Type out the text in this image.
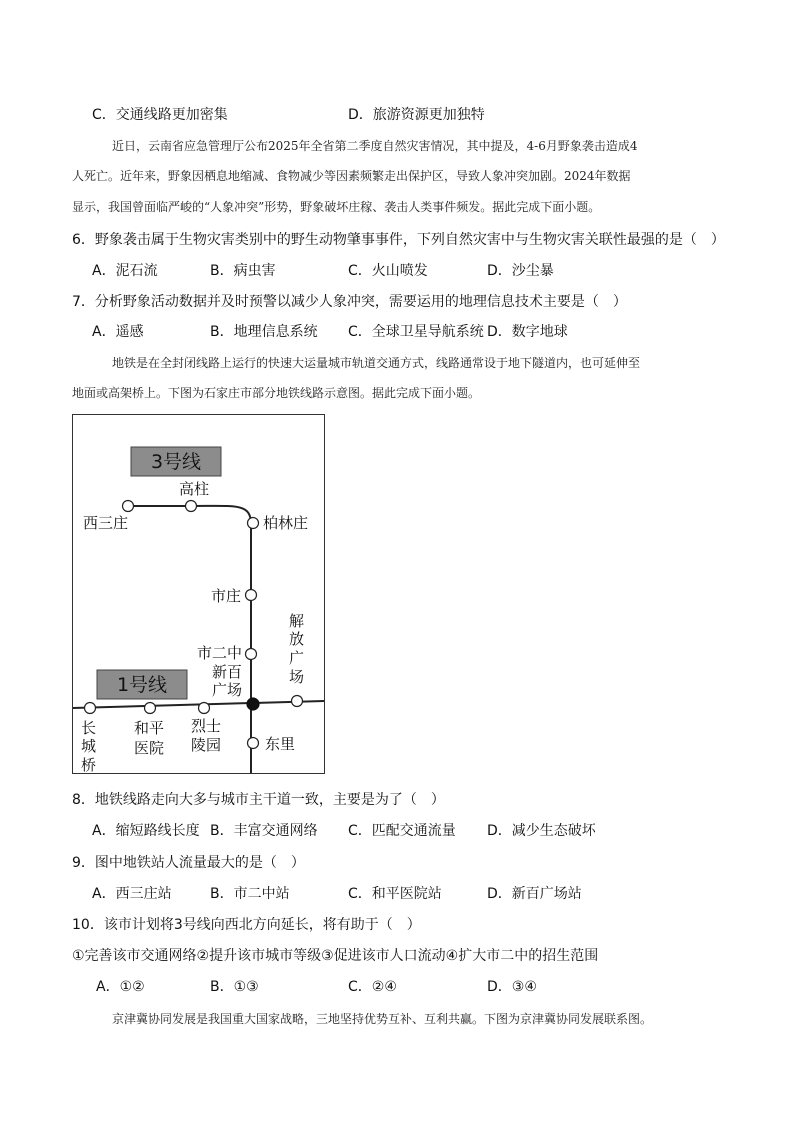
C．交通线路更加密集	D．旅游资源更加独特
近日，云南省应急管理厅公布2025年全省第二季度自然灾害情况，其中提及，4-6月野象袭击造成4
人死亡。近年来，野象因栖息地缩减、食物减少等因素频繁走出保护区，导致人象冲突加剧。2024年数据
显示，我国曾面临严峻的“人象冲突”形势，野象破坏庄稼、袭击人类事件频发。据此完成下面小题。
6．野象袭击属于生物灾害类别中的野生动物肇事事件，下列自然灾害中与生物灾害关联性最强的是（　）
A．泥石流	B．病虫害	C．火山喷发	D．沙尘暴
7．分析野象活动数据并及时预警以减少人象冲突，需要运用的地理信息技术主要是（　）
A．遥感	B．地理信息系统 C．全球卫星导航系统 D．数字地球
地铁是在全封闭线路上运行的快速大运量城市轨道交通方式，线路通常设于地下隧道内，也可延伸至
地面或高架桥上。下图为石家庄市部分地铁线路示意图。据此完成下面小题。
3号线
1号线
西三庄
高柱
柏林庄
市庄
市二中
新百
广场
解
放
广
场
东里
长
城
桥
和平
医院
烈士
陵园
8．地铁线路走向大多与城市主干道一致，主要是为了（　）
A．缩短路线长度 B．丰富交通网络 C．匹配交通流量 D．减少生态破坏
9．图中地铁站人流量最大的是（　）
A．西三庄站	B．市二中站	C．和平医院站	D．新百广场站
10．该市计划将3号线向西北方向延长，将有助于（　）
①完善该市交通网络②提升该市城市等级③促进该市人口流动④扩大市二中的招生范围
A．①②	B．①③	C．②④	D．③④
京津冀协同发展是我国重大国家战略，三地坚持优势互补、互利共赢。下图为京津冀协同发展联系图。
